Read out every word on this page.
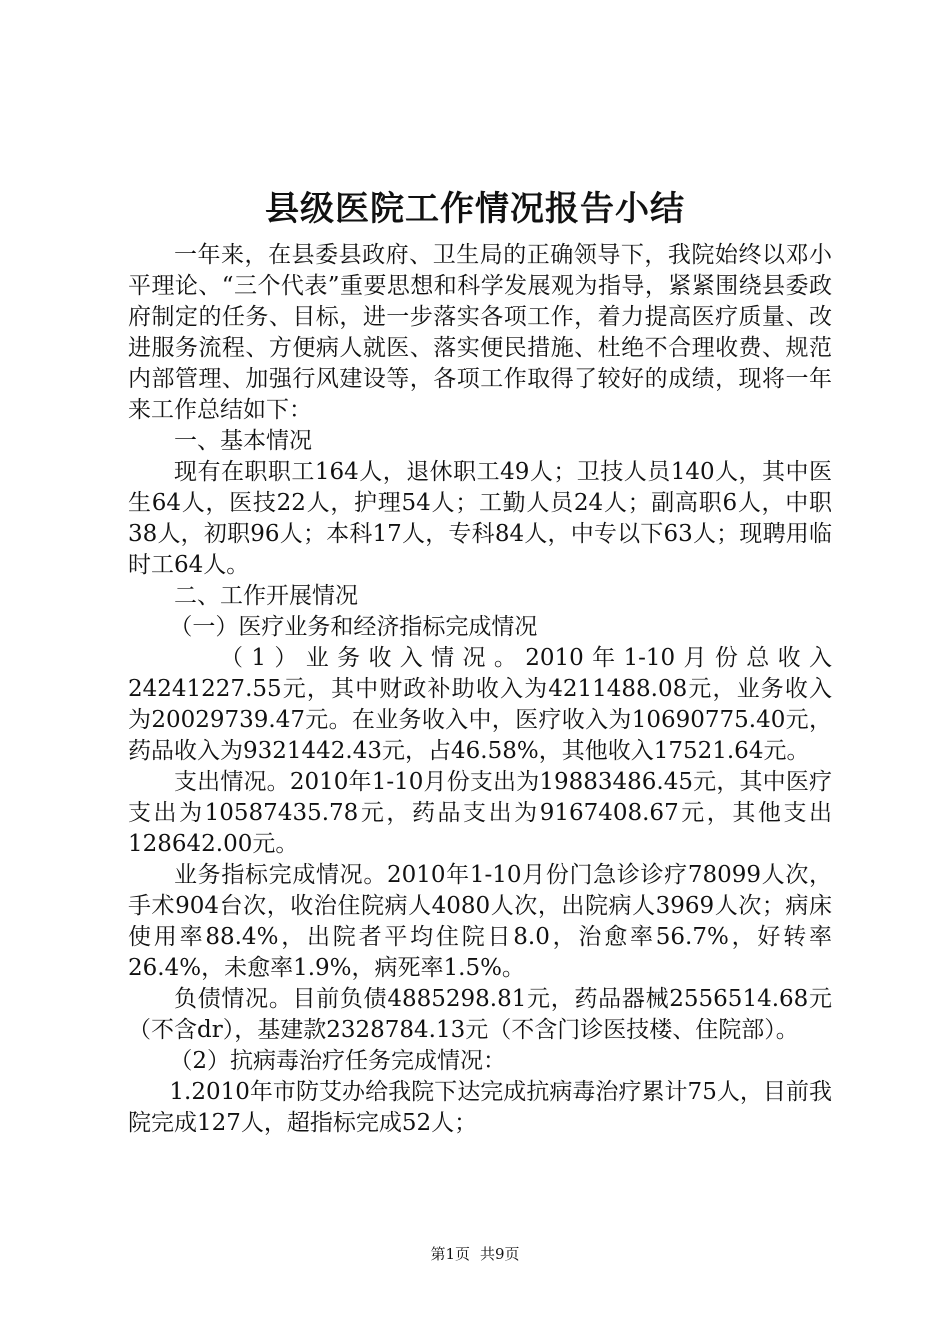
县级医院工作情况报告小结

一年来，在县委县政府、卫生局的正确领导下，我院始终以邓小平理论、“三个代表”重要思想和科学发展观为指导，紧紧围绕县委政府制定的任务、目标，进一步落实各项工作，着力提高医疗质量、改进服务流程、方便病人就医、落实便民措施、杜绝不合理收费、规范内部管理、加强行风建设等，各项工作取得了较好的成绩，现将一年来工作总结如下：

一、基本情况

现有在职职工164人，退休职工49人；卫技人员140人，其中医生64人，医技22人，护理54人；工勤人员24人；副高职6人，中职38人，初职96人；本科17人，专科84人，中专以下63人；现聘用临时工64人。

二、工作开展情况

（一）医疗业务和经济指标完成情况

（1）业务收入情况。2010年1-10月份总收入24241227.55元，其中财政补助收入为4211488.08元，业务收入为20029739.47元。在业务收入中，医疗收入为10690775.40元，药品收入为9321442.43元，占46.58%，其他收入17521.64元。

支出情况。2010年1-10月份支出为19883486.45元，其中医疗支出为10587435.78元，药品支出为9167408.67元，其他支出128642.00元。

业务指标完成情况。2010年1-10月份门急诊诊疗78099人次，手术904台次，收治住院病人4080人次，出院病人3969人次；病床使用率88.4%，出院者平均住院日8.0，治愈率56.7%，好转率26.4%，未愈率1.9%，病死率1.5%。

负债情况。目前负债4885298.81元，药品器械2556514.68元（不含dr），基建款2328784.13元（不含门诊医技楼、住院部）。

（2）抗病毒治疗任务完成情况：

1.2010年市防艾办给我院下达完成抗病毒治疗累计75人，目前我院完成127人，超指标完成52人；

第1页 共9页
